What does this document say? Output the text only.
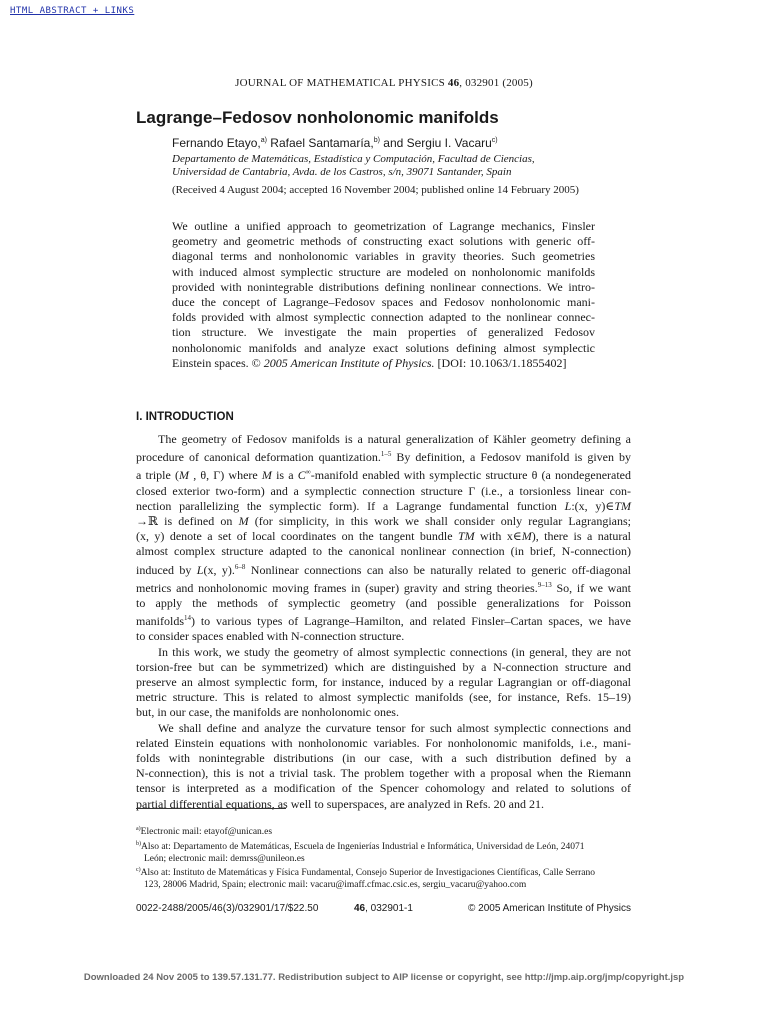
HTML ABSTRACT + LINKS
JOURNAL OF MATHEMATICAL PHYSICS 46, 032901 (2005)
Lagrange–Fedosov nonholonomic manifolds
Fernando Etayo,$^{a)}$ Rafael Santamaría,$^{b)}$ and Sergiu I. Vacaru$^{c)}$
Departamento de Matemáticas, Estadística y Computación, Facultad de Ciencias,
Universidad de Cantabria, Avda. de los Castros, s/n, 39071 Santander, Spain
(Received 4 August 2004; accepted 16 November 2004; published online 14 February 2005)
We outline a unified approach to geometrization of Lagrange mechanics, Finsler
geometry and geometric methods of constructing exact solutions with generic off-
diagonal terms and nonholonomic variables in gravity theories. Such geometries
with induced almost symplectic structure are modeled on nonholonomic manifolds
provided with nonintegrable distributions defining nonlinear connections. We intro-
duce the concept of Lagrange–Fedosov spaces and Fedosov nonholonomic mani-
folds provided with almost symplectic connection adapted to the nonlinear connec-
tion structure. We investigate the main properties of generalized Fedosov
nonholonomic manifolds and analyze exact solutions defining almost symplectic
Einstein spaces. © 2005 American Institute of Physics. [DOI: 10.1063/1.1855402]
I. INTRODUCTION
The geometry of Fedosov manifolds is a natural generalization of Kähler geometry defining a
procedure of canonical deformation quantization.$^{1-5}$ By definition, a Fedosov manifold is given by
a triple (M , θ, Γ) where M is a C∞-manifold enabled with symplectic structure θ (a nondegenerated
closed exterior two-form) and a symplectic connection structure Γ (i.e., a torsionless linear con-
nection parallelizing the symplectic form). If a Lagrange fundamental function L:(x, y)∈TM
→ℝ is defined on M (for simplicity, in this work we shall consider only regular Lagrangians;
(x, y) denote a set of local coordinates on the tangent bundle TM with x∈M), there is a natural
almost complex structure adapted to the canonical nonlinear connection (in brief, N-connection)
induced by L(x, y).$^{6-8}$ Nonlinear connections can also be naturally related to generic off-diagonal
metrics and nonholonomic moving frames in (super) gravity and string theories.$^{9-13}$ So, if we want
to apply the methods of symplectic geometry (and possible generalizations for Poisson
manifolds$^{14}$) to various types of Lagrange–Hamilton, and related Finsler–Cartan spaces, we have
to consider spaces enabled with N-connection structure.
In this work, we study the geometry of almost symplectic connections (in general, they are not
torsion-free but can be symmetrized) which are distinguished by a N-connection structure and
preserve an almost symplectic form, for instance, induced by a regular Lagrangian or off-diagonal
metric structure. This is related to almost symplectic manifolds (see, for instance, Refs. 15–19)
but, in our case, the manifolds are nonholonomic ones.
We shall define and analyze the curvature tensor for such almost symplectic connections and
related Einstein equations with nonholonomic variables. For nonholonomic manifolds, i.e., mani-
folds with nonintegrable distributions (in our case, with a such distribution defined by a
N-connection), this is not a trivial task. The problem together with a proposal when the Riemann
tensor is interpreted as a modification of the Spencer cohomology and related to solutions of
partial differential equations, as well to superspaces, are analyzed in Refs. 20 and 21.
$^{a)}$Electronic mail: etayof@unican.es
$^{b)}$Also at: Departamento de Matemáticas, Escuela de Ingenierías Industrial e Informática, Universidad de León, 24071
León; electronic mail: demrss@unileon.es
$^{c)}$Also at: Instituto de Matemáticas y Física Fundamental, Consejo Superior de Investigaciones Científicas, Calle Serrano
123, 28006 Madrid, Spain; electronic mail: vacaru@imaff.cfmac.csic.es, sergiu_vacaru@yahoo.com
0022-2488/2005/46(3)/032901/17/$22.50	46, 032901-1	© 2005 American Institute of Physics
Downloaded 24 Nov 2005 to 139.57.131.77. Redistribution subject to AIP license or copyright, see http://jmp.aip.org/jmp/copyright.jsp
